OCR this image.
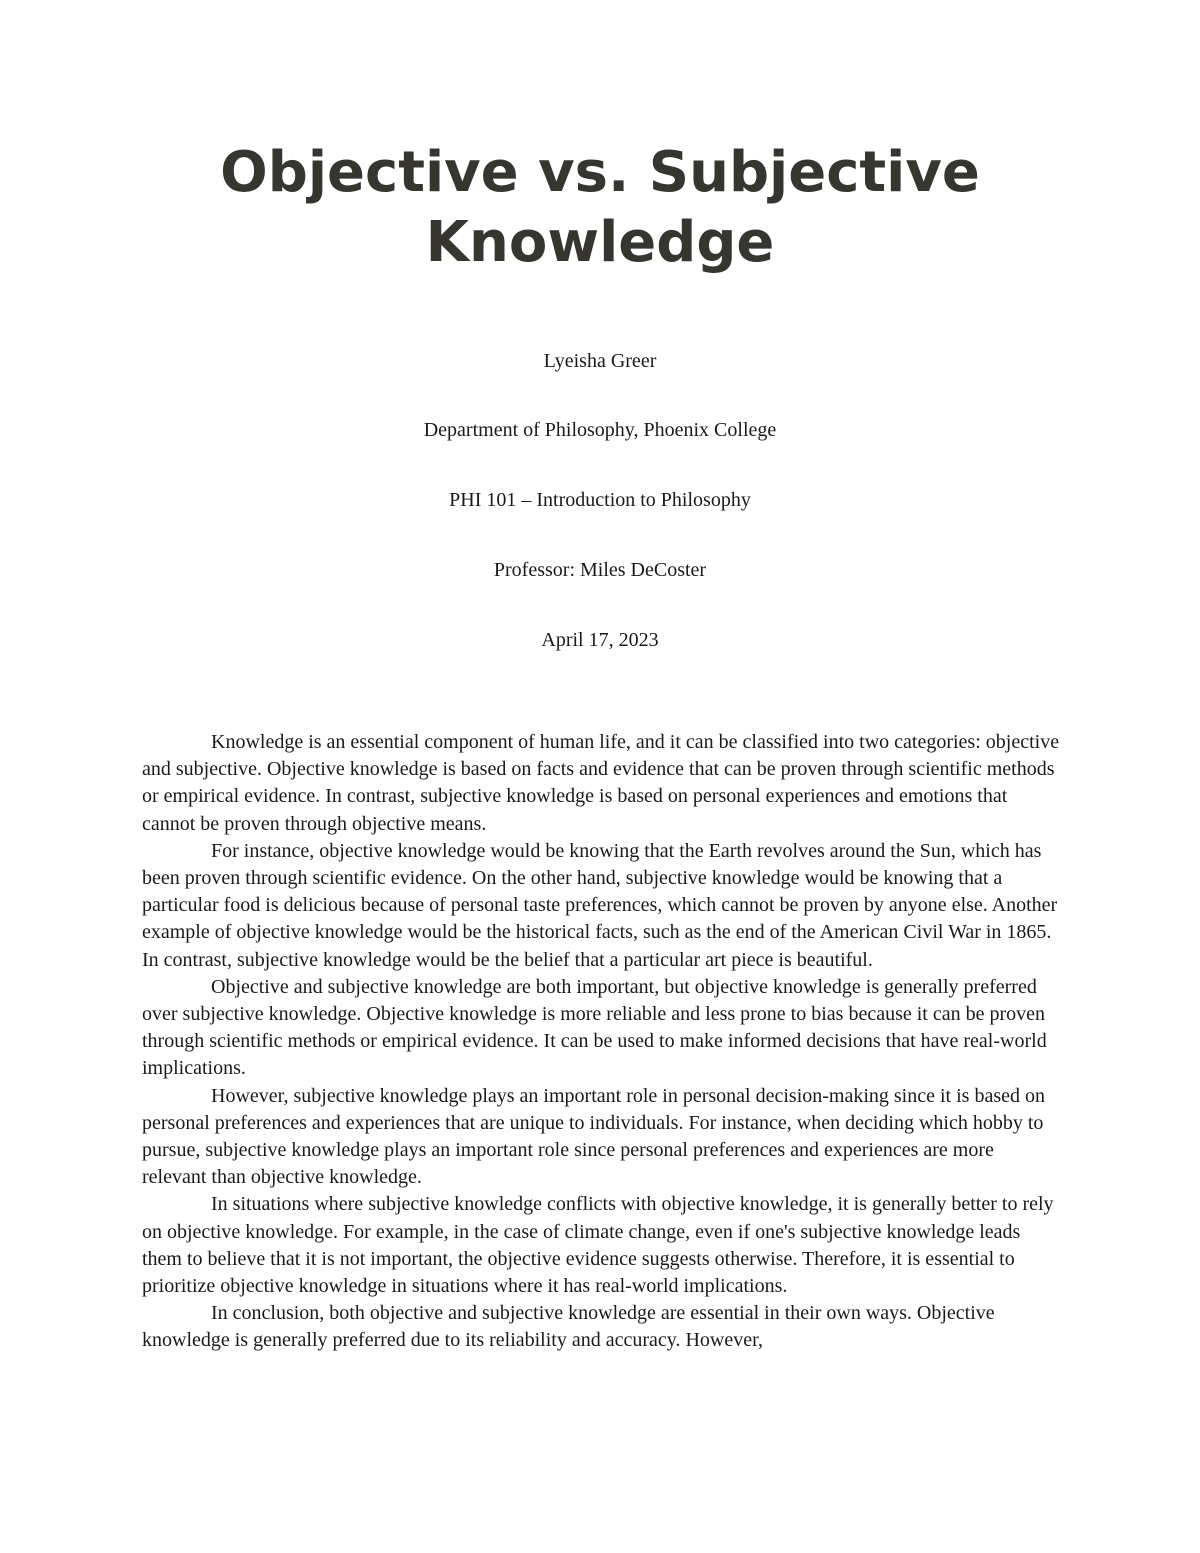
Objective vs. Subjective Knowledge

Lyeisha Greer

Department of Philosophy, Phoenix College

PHI 101 – Introduction to Philosophy

Professor: Miles DeCoster

April 17, 2023

Knowledge is an essential component of human life, and it can be classified into two categories: objective and subjective. Objective knowledge is based on facts and evidence that can be proven through scientific methods or empirical evidence. In contrast, subjective knowledge is based on personal experiences and emotions that cannot be proven through objective means.

For instance, objective knowledge would be knowing that the Earth revolves around the Sun, which has been proven through scientific evidence. On the other hand, subjective knowledge would be knowing that a particular food is delicious because of personal taste preferences, which cannot be proven by anyone else. Another example of objective knowledge would be the historical facts, such as the end of the American Civil War in 1865. In contrast, subjective knowledge would be the belief that a particular art piece is beautiful.

Objective and subjective knowledge are both important, but objective knowledge is generally preferred over subjective knowledge. Objective knowledge is more reliable and less prone to bias because it can be proven through scientific methods or empirical evidence. It can be used to make informed decisions that have real-world implications.

However, subjective knowledge plays an important role in personal decision-making since it is based on personal preferences and experiences that are unique to individuals. For instance, when deciding which hobby to pursue, subjective knowledge plays an important role since personal preferences and experiences are more relevant than objective knowledge.

In situations where subjective knowledge conflicts with objective knowledge, it is generally better to rely on objective knowledge. For example, in the case of climate change, even if one's subjective knowledge leads them to believe that it is not important, the objective evidence suggests otherwise. Therefore, it is essential to prioritize objective knowledge in situations where it has real-world implications.

In conclusion, both objective and subjective knowledge are essential in their own ways. Objective knowledge is generally preferred due to its reliability and accuracy. However,
